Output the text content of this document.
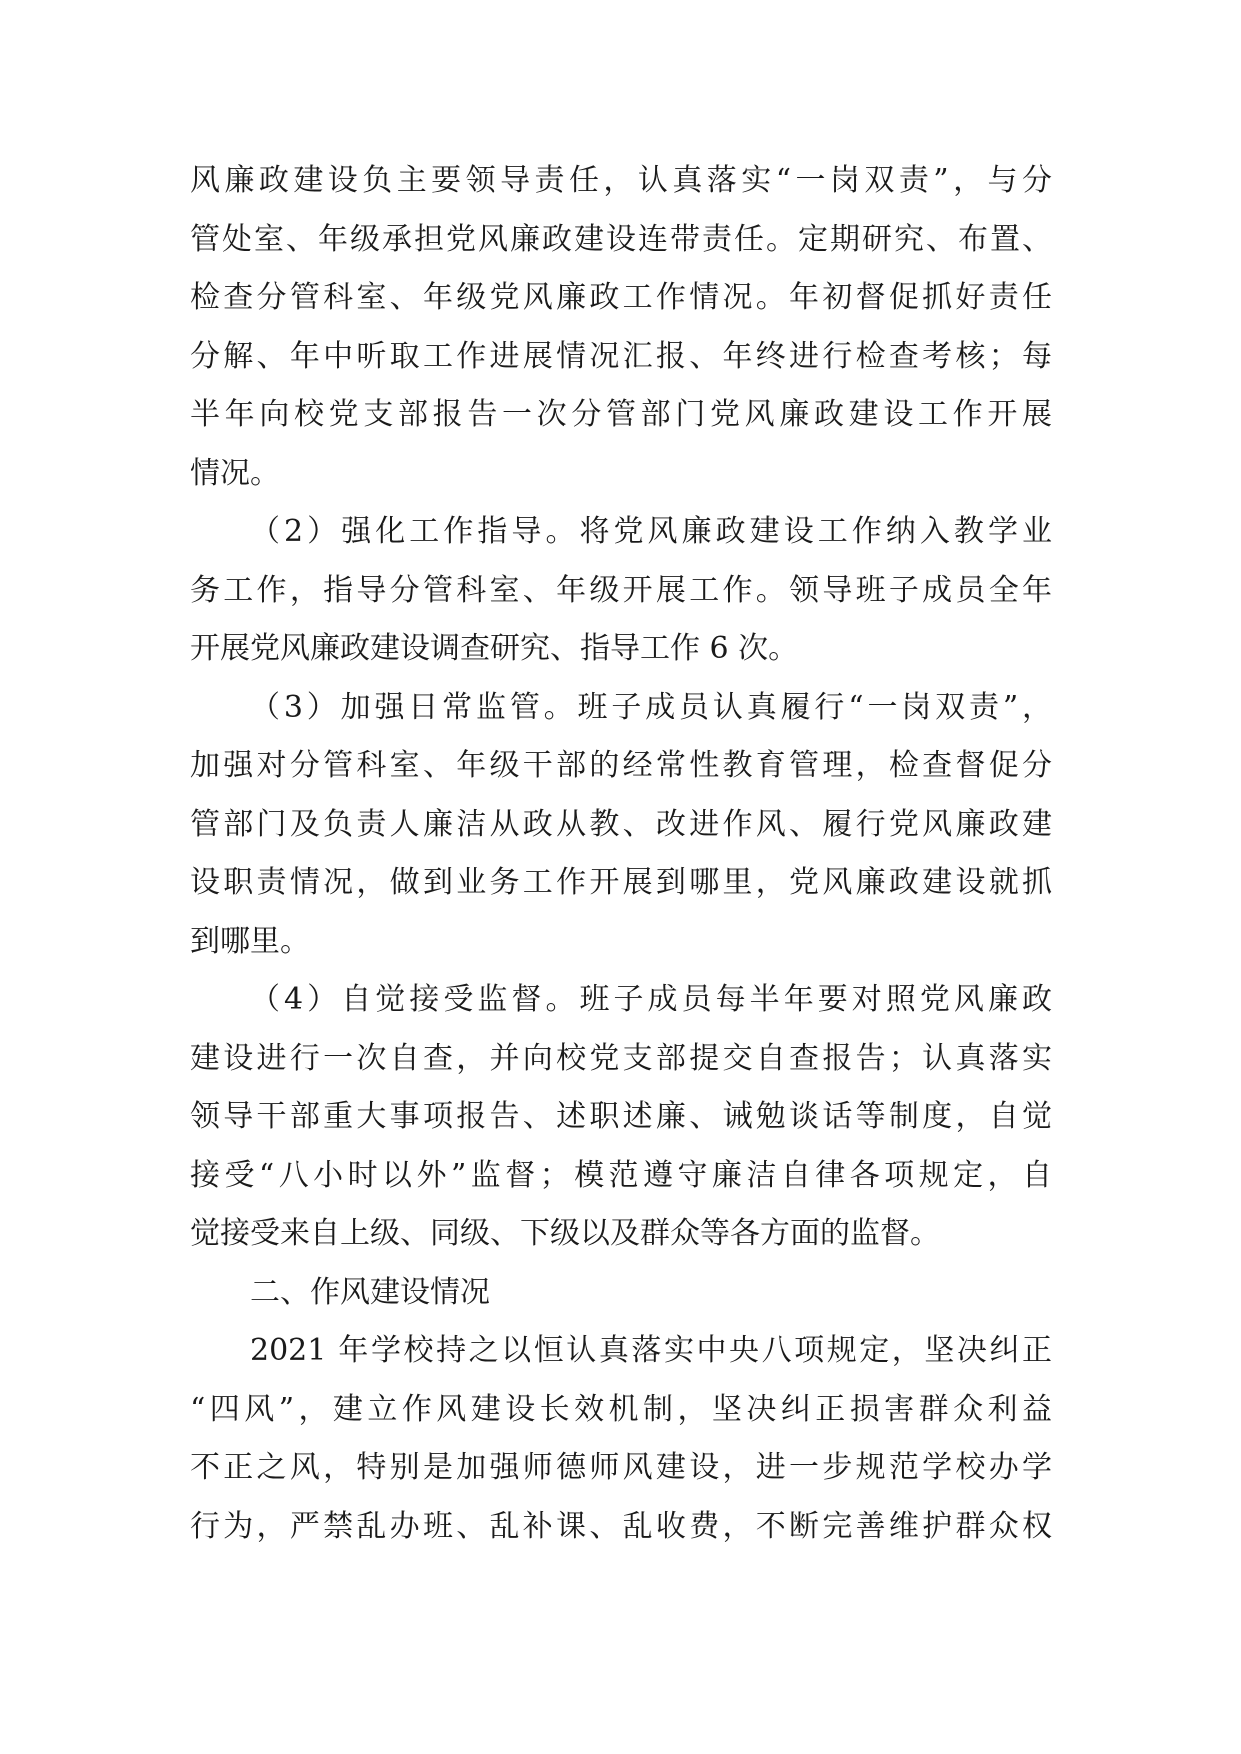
风廉政建设负主要领导责任，认真落实“一岗双责”，与分
管处室、年级承担党风廉政建设连带责任。定期研究、布置、
检查分管科室、年级党风廉政工作情况。年初督促抓好责任
分解、年中听取工作进展情况汇报、年终进行检查考核；每
半年向校党支部报告一次分管部门党风廉政建设工作开展
情况。
（2）强化工作指导。将党风廉政建设工作纳入教学业
务工作，指导分管科室、年级开展工作。领导班子成员全年
开展党风廉政建设调查研究、指导工作 6 次。
（3）加强日常监管。班子成员认真履行“一岗双责”，
加强对分管科室、年级干部的经常性教育管理，检查督促分
管部门及负责人廉洁从政从教、改进作风、履行党风廉政建
设职责情况，做到业务工作开展到哪里，党风廉政建设就抓
到哪里。
（4）自觉接受监督。班子成员每半年要对照党风廉政
建设进行一次自查，并向校党支部提交自查报告；认真落实
领导干部重大事项报告、述职述廉、诫勉谈话等制度，自觉
接受“八小时以外”监督；模范遵守廉洁自律各项规定，自
觉接受来自上级、同级、下级以及群众等各方面的监督。
二、作风建设情况
2021 年学校持之以恒认真落实中央八项规定，坚决纠正
“四风”，建立作风建设长效机制，坚决纠正损害群众利益
不正之风，特别是加强师德师风建设，进一步规范学校办学
行为，严禁乱办班、乱补课、乱收费，不断完善维护群众权
